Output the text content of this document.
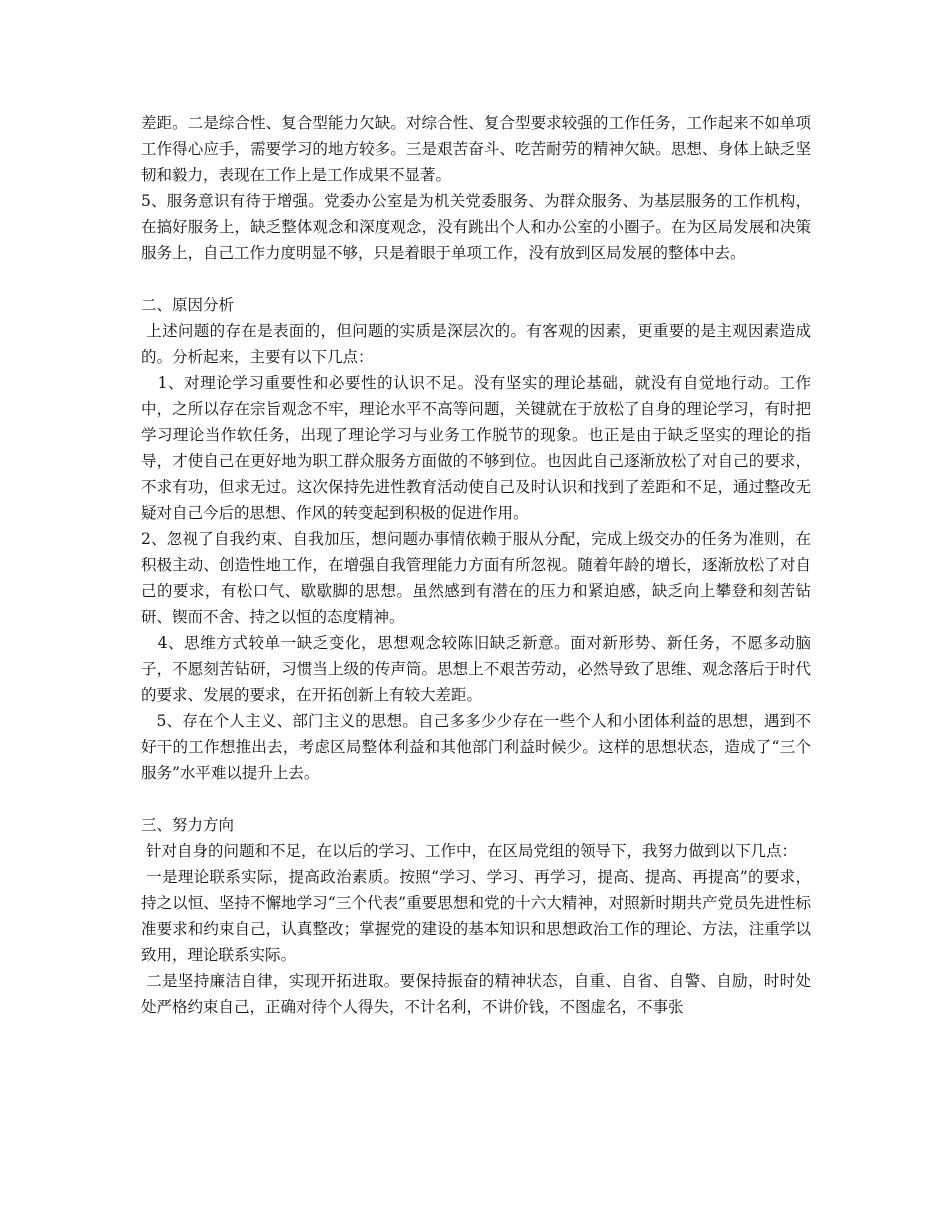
差距。二是综合性、复合型能力欠缺。对综合性、复合型要求较强的工作任务，工作起来不如单项工作得心应手，需要学习的地方较多。三是艰苦奋斗、吃苦耐劳的精神欠缺。思想、身体上缺乏坚韧和毅力，表现在工作上是工作成果不显著。

5、服务意识有待于增强。党委办公室是为机关党委服务、为群众服务、为基层服务的工作机构，在搞好服务上，缺乏整体观念和深度观念，没有跳出个人和办公室的小圈子。在为区局发展和决策服务上，自己工作力度明显不够，只是着眼于单项工作，没有放到区局发展的整体中去。

二、原因分析

上述问题的存在是表面的，但问题的实质是深层次的。有客观的因素，更重要的是主观因素造成的。分析起来，主要有以下几点：

1、对理论学习重要性和必要性的认识不足。没有坚实的理论基础，就没有自觉地行动。工作中，之所以存在宗旨观念不牢，理论水平不高等问题，关键就在于放松了自身的理论学习，有时把学习理论当作软任务，出现了理论学习与业务工作脱节的现象。也正是由于缺乏坚实的理论的指导，才使自己在更好地为职工群众服务方面做的不够到位。也因此自己逐渐放松了对自己的要求，不求有功，但求无过。这次保持先进性教育活动使自己及时认识和找到了差距和不足，通过整改无疑对自己今后的思想、作风的转变起到积极的促进作用。

2、忽视了自我约束、自我加压，想问题办事情依赖于服从分配，完成上级交办的任务为准则，在积极主动、创造性地工作，在增强自我管理能力方面有所忽视。随着年龄的增长，逐渐放松了对自己的要求，有松口气、歇歇脚的思想。虽然感到有潜在的压力和紧迫感，缺乏向上攀登和刻苦钻研、锲而不舍、持之以恒的态度精神。

4、思维方式较单一缺乏变化，思想观念较陈旧缺乏新意。面对新形势、新任务，不愿多动脑子，不愿刻苦钻研，习惯当上级的传声筒。思想上不艰苦劳动，必然导致了思维、观念落后于时代的要求、发展的要求，在开拓创新上有较大差距。

5、存在个人主义、部门主义的思想。自己多多少少存在一些个人和小团体利益的思想，遇到不好干的工作想推出去，考虑区局整体利益和其他部门利益时候少。这样的思想状态，造成了“三个服务”水平难以提升上去。

三、努力方向

针对自身的问题和不足，在以后的学习、工作中，在区局党组的领导下，我努力做到以下几点：

一是理论联系实际，提高政治素质。按照“学习、学习、再学习，提高、提高、再提高”的要求，持之以恒、坚持不懈地学习“三个代表”重要思想和党的十六大精神，对照新时期共产党员先进性标准要求和约束自己，认真整改；掌握党的建设的基本知识和思想政治工作的理论、方法，注重学以致用，理论联系实际。

二是坚持廉洁自律，实现开拓进取。要保持振奋的精神状态，自重、自省、自警、自励，时时处处严格约束自己，正确对待个人得失，不计名利，不讲价钱，不图虚名，不事张
